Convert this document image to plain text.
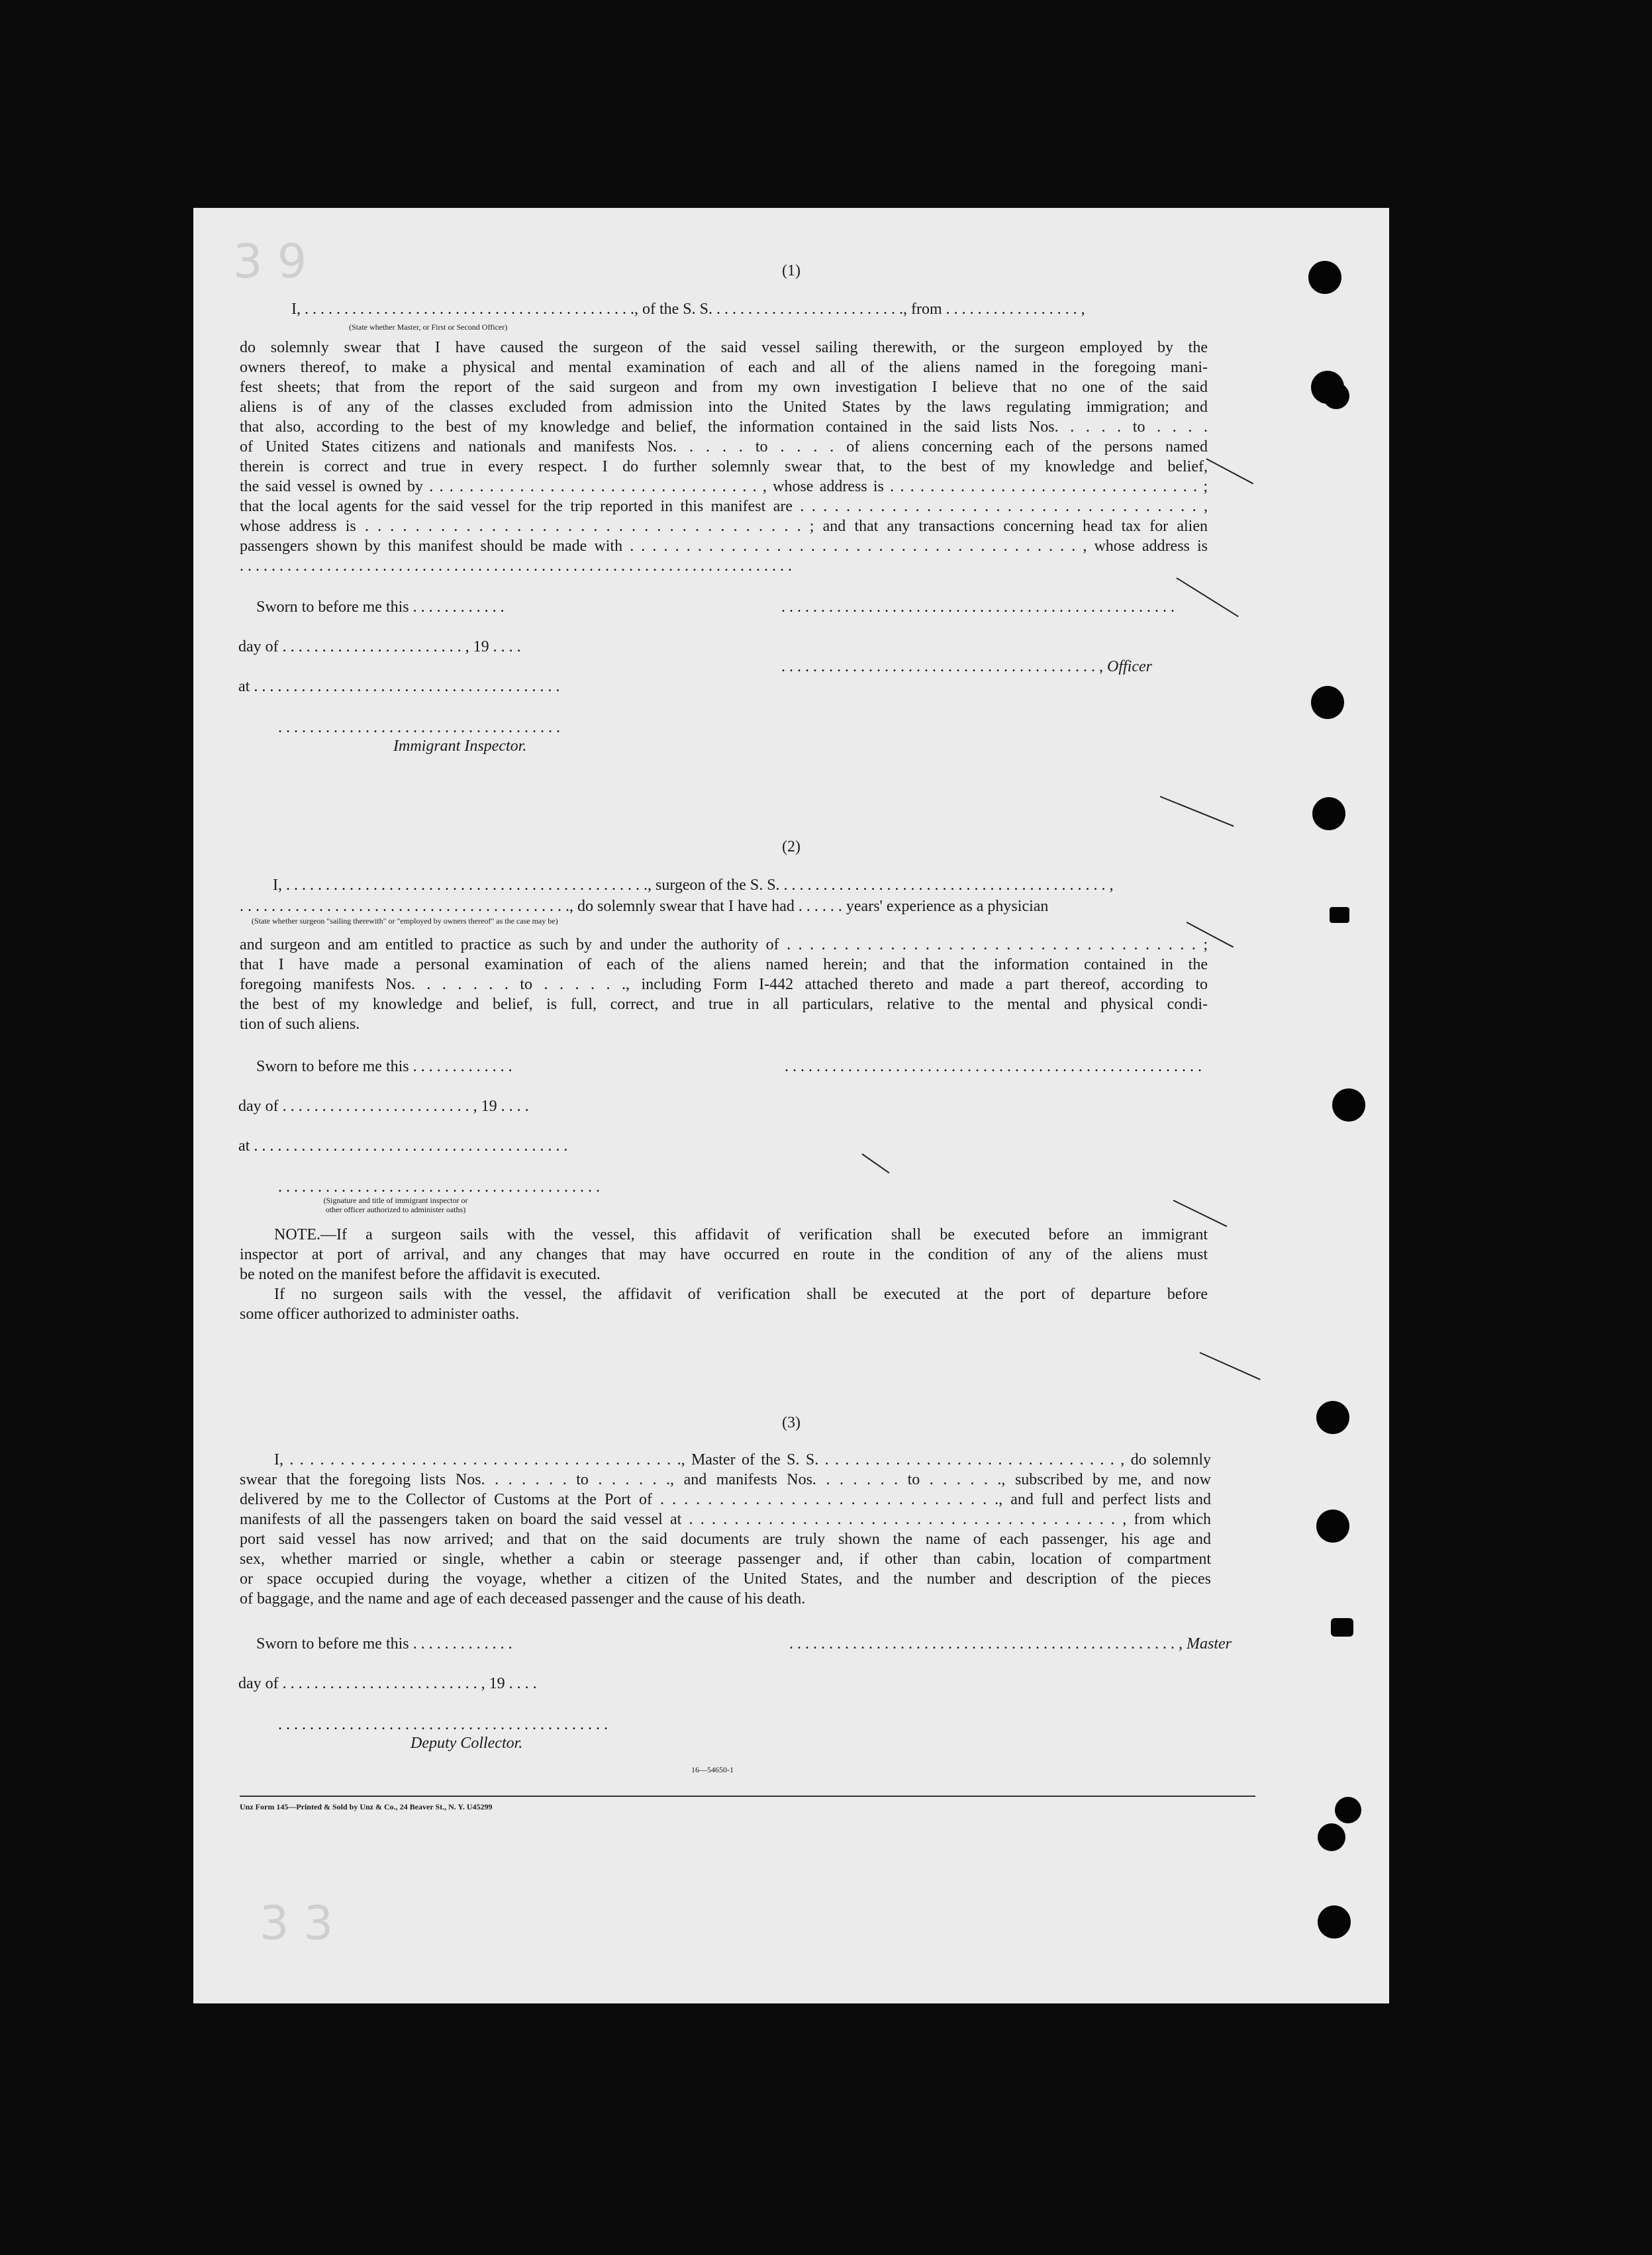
3 9
3 3
(1)
I, . . . . . . . . . . . . . . . . . . . . . . . . . . . . . . . . . . . . . . . . . ., of the S. S. . . . . . . . . . . . . . . . . . . . . . . . ., from . . . . . . . . . . . . . . . . . ,
(State whether Master, or First or Second Officer)
do solemnly swear that I have caused the surgeon of the said vessel sailing therewith, or the surgeon employed by the
owners thereof, to make a physical and mental examination of each and all of the aliens named in the foregoing mani-
fest sheets; that from the report of the said surgeon and from my own investigation I believe that no one of the said
aliens is of any of the classes excluded from admission into the United States by the laws regulating immigration; and
that also, according to the best of my knowledge and belief, the information contained in the said lists Nos. . . . . to . . . .
of United States citizens and nationals and manifests Nos. . . . . to . . . . of aliens concerning each of the persons named
therein is correct and true in every respect. I do further solemnly swear that, to the best of my knowledge and belief,
the said vessel is owned by . . . . . . . . . . . . . . . . . . . . . . . . . . . . . . . . . , whose address is . . . . . . . . . . . . . . . . . . . . . . . . . . . . . . . ;
that the local agents for the said vessel for the trip reported in this manifest are . . . . . . . . . . . . . . . . . . . . . . . . . . . . . . . . . . . ,
whose address is . . . . . . . . . . . . . . . . . . . . . . . . . . . . . . . . . . . ; and that any transactions concerning head tax for alien
passengers shown by this manifest should be made with . . . . . . . . . . . . . . . . . . . . . . . . . . . . . . . . . . . . . . . . , whose address is
. . . . . . . . . . . . . . . . . . . . . . . . . . . . . . . . . . . . . . . . . . . . . . . . . . . . . . . . . . . . . . . . . . . . . .
Sworn to before me this . . . . . . . . . . . .	. . . . . . . . . . . . . . . . . . . . . . . . . . . . . . . . . . . . . . . . . . . . . . . . . .
day of . . . . . . . . . . . . . . . . . . . . . . . , 19 . . . .
. . . . . . . . . . . . . . . . . . . . . . . . . . . . . . . . . . . . . . . . , Officer
at . . . . . . . . . . . . . . . . . . . . . . . . . . . . . . . . . . . . . . .
. . . . . . . . . . . . . . . . . . . . . . . . . . . . . . . . . . . .
Immigrant Inspector.
(2)
I, . . . . . . . . . . . . . . . . . . . . . . . . . . . . . . . . . . . . . . . . . . . . . ., surgeon of the S. S. . . . . . . . . . . . . . . . . . . . . . . . . . . . . . . . . . . . . . . . . . ,
. . . . . . . . . . . . . . . . . . . . . . . . . . . . . . . . . . . . . . . . . ., do solemnly swear that I have had . . . . . . years' experience as a physician
(State whether surgeon "sailing therewith" or "employed by owners thereof" as the case may be)
and surgeon and am entitled to practice as such by and under the authority of . . . . . . . . . . . . . . . . . . . . . . . . . . . . . . . . . . . . ;
that I have made a personal examination of each of the aliens named herein; and that the information contained in the
foregoing manifests Nos. . . . . . . to . . . . . ., including Form I-442 attached thereto and made a part thereof, according to
the best of my knowledge and belief, is full, correct, and true in all particulars, relative to the mental and physical condi-
tion of such aliens.
Sworn to before me this . . . . . . . . . . . . .	. . . . . . . . . . . . . . . . . . . . . . . . . . . . . . . . . . . . . . . . . . . . . . . . . . . . .
day of . . . . . . . . . . . . . . . . . . . . . . . . , 19 . . . .
at . . . . . . . . . . . . . . . . . . . . . . . . . . . . . . . . . . . . . . . .
. . . . . . . . . . . . . . . . . . . . . . . . . . . . . . . . . . . . . . . . .
(Signature and title of immigrant inspector or
other officer authorized to administer oaths)
NOTE.—If a surgeon sails with the vessel, this affidavit of verification shall be executed before an immigrant
inspector at port of arrival, and any changes that may have occurred en route in the condition of any of the aliens must
be noted on the manifest before the affidavit is executed.
If no surgeon sails with the vessel, the affidavit of verification shall be executed at the port of departure before
some officer authorized to administer oaths.
(3)
I, . . . . . . . . . . . . . . . . . . . . . . . . . . . . . . . . . . . . . . ., Master of the S. S. . . . . . . . . . . . . . . . . . . . . . . . . . . . . . , do solemnly
swear that the foregoing lists Nos. . . . . . . to . . . . . ., and manifests Nos. . . . . . . to . . . . . ., subscribed by me, and now
delivered by me to the Collector of Customs at the Port of . . . . . . . . . . . . . . . . . . . . . . . . . . . . ., and full and perfect lists and
manifests of all the passengers taken on board the said vessel at . . . . . . . . . . . . . . . . . . . . . . . . . . . . . . . . . . . . . . , from which
port said vessel has now arrived; and that on the said documents are truly shown the name of each passenger, his age and
sex, whether married or single, whether a cabin or steerage passenger and, if other than cabin, location of compartment
or space occupied during the voyage, whether a citizen of the United States, and the number and description of the pieces
of baggage, and the name and age of each deceased passenger and the cause of his death.
Sworn to before me this . . . . . . . . . . . . .	. . . . . . . . . . . . . . . . . . . . . . . . . . . . . . . . . . . . . . . . . . . . . . . . . , Master
day of . . . . . . . . . . . . . . . . . . . . . . . . . , 19 . . . .
. . . . . . . . . . . . . . . . . . . . . . . . . . . . . . . . . . . . . . . . . .
Deputy Collector.
16—54650-1
Unz Form 145—Printed & Sold by Unz & Co., 24 Beaver St., N. Y. U45299
